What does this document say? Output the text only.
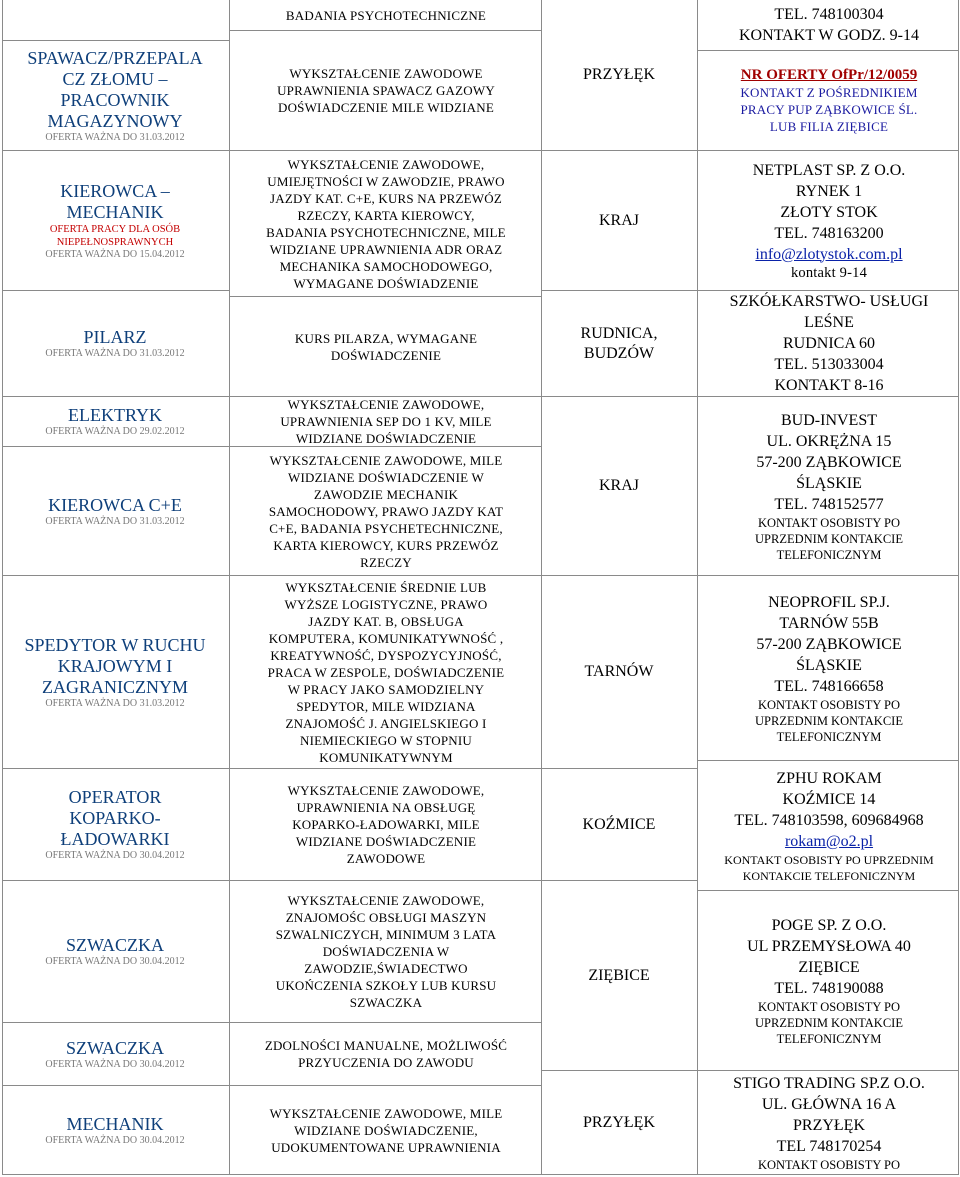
BADANIA PSYCHOTECHNICZNE	TEL. 748100304
KONTAKT W GODZ. 9-14
SPAWACZ/PRZEPALA
CZ ZŁOMU –
PRACOWNIK
MAGAZYNOWY
OFERTA WAŻNA DO 31.03.2012
WYKSZTAŁCENIE ZAWODOWE
UPRAWNIENIA SPAWACZ GAZOWY
DOŚWIADCZENIE MILE WIDZIANE
PRZYŁĘK	NR OFERTY OfPr/12/0059
KONTAKT Z POŚREDNIKIEM
PRACY PUP ZĄBKOWICE ŚL.
LUB FILIA ZIĘBICE
KIEROWCA –
MECHANIK
OFERTA PRACY DLA OSÓB
NIEPEŁNOSPRAWNYCH
OFERTA WAŻNA DO 15.04.2012
WYKSZTAŁCENIE ZAWODOWE,
UMIEJĘTNOŚCI W ZAWODZIE, PRAWO
JAZDY KAT. C+E, KURS NA PRZEWÓZ
RZECZY, KARTA KIEROWCY,
BADANIA PSYCHOTECHNICZNE, MILE
WIDZIANE UPRAWNIENIA ADR ORAZ
MECHANIKA SAMOCHODOWEGO,
WYMAGANE DOŚWIADZENIE
KRAJ
NETPLAST SP. Z O.O.
RYNEK 1
ZŁOTY STOK
TEL. 748163200
info@zlotystok.com.pl
kontakt 9-14
PILARZ
OFERTA WAŻNA DO 31.03.2012
KURS PILARZA, WYMAGANE
DOŚWIADCZENIE
RUDNICA,
BUDZÓW
SZKÓŁKARSTWO- USŁUGI
LEŚNE
RUDNICA 60
TEL. 513033004
KONTAKT 8-16
ELEKTRYK
OFERTA WAŻNA DO 29.02.2012
WYKSZTAŁCENIE ZAWODOWE,
UPRAWNIENIA SEP DO 1 KV, MILE
WIDZIANE DOŚWIADCZENIE
KIEROWCA C+E
OFERTA WAŻNA DO 31.03.2012
WYKSZTAŁCENIE ZAWODOWE, MILE
WIDZIANE DOŚWIADCZENIE W
ZAWODZIE MECHANIK
SAMOCHODOWY, PRAWO JAZDY KAT
C+E, BADANIA PSYCHETECHNICZNE,
KARTA KIEROWCY, KURS PRZEWÓZ
RZECZY
KRAJ
BUD-INVEST
UL. OKRĘŻNA 15
57-200 ZĄBKOWICE
ŚLĄSKIE
TEL. 748152577
KONTAKT OSOBISTY PO
UPRZEDNIM KONTAKCIE
TELEFONICZNYM
SPEDYTOR W RUCHU
KRAJOWYM I
ZAGRANICZNYM
OFERTA WAŻNA DO 31.03.2012
WYKSZTAŁCENIE ŚREDNIE LUB
WYŻSZE LOGISTYCZNE, PRAWO
JAZDY KAT. B, OBSŁUGA
KOMPUTERA, KOMUNIKATYWNOŚĆ ,
KREATYWNOŚĆ, DYSPOZYCYJNOŚĆ,
PRACA W ZESPOLE, DOŚWIADCZENIE
W PRACY JAKO SAMODZIELNY
SPEDYTOR, MILE WIDZIANA
ZNAJOMOŚĆ J. ANGIELSKIEGO I
NIEMIECKIEGO W STOPNIU
KOMUNIKATYWNYM
TARNÓW
NEOPROFIL SP.J.
TARNÓW 55B
57-200 ZĄBKOWICE
ŚLĄSKIE
TEL. 748166658
KONTAKT OSOBISTY PO
UPRZEDNIM KONTAKCIE
TELEFONICZNYM
OPERATOR
KOPARKO-
ŁADOWARKI
OFERTA WAŻNA DO 30.04.2012
WYKSZTAŁCENIE ZAWODOWE,
UPRAWNIENIA NA OBSŁUGĘ
KOPARKO-ŁADOWARKI, MILE
WIDZIANE DOŚWIADCZENIE
ZAWODOWE
KOŹMICE
ZPHU ROKAM
KOŹMICE 14
TEL. 748103598, 609684968
rokam@o2.pl
KONTAKT OSOBISTY PO UPRZEDNIM
KONTAKCIE TELEFONICZNYM
SZWACZKA
OFERTA WAŻNA DO 30.04.2012
WYKSZTAŁCENIE ZAWODOWE,
ZNAJOMOŚC OBSŁUGI MASZYN
SZWALNICZYCH, MINIMUM 3 LATA
DOŚWIADCZENIA W
ZAWODZIE,ŚWIADECTWO
UKOŃCZENIA SZKOŁY LUB KURSU
SZWACZKA
ZIĘBICE
POGE SP. Z O.O.
UL PRZEMYSŁOWA 40
ZIĘBICE
TEL. 748190088
KONTAKT OSOBISTY PO
UPRZEDNIM KONTAKCIE
TELEFONICZNYM
SZWACZKA
OFERTA WAŻNA DO 30.04.2012
ZDOLNOŚCI MANUALNE, MOŻLIWOŚĆ
PRZYUCZENIA DO ZAWODU
MECHANIK
OFERTA WAŻNA DO 30.04.2012
WYKSZTAŁCENIE ZAWODOWE, MILE
WIDZIANE DOŚWIADCZENIE,
UDOKUMENTOWANE UPRAWNIENIA
PRZYŁĘK
STIGO TRADING SP.Z O.O.
UL. GŁÓWNA 16 A
PRZYŁĘK
TEL 748170254
KONTAKT OSOBISTY PO
